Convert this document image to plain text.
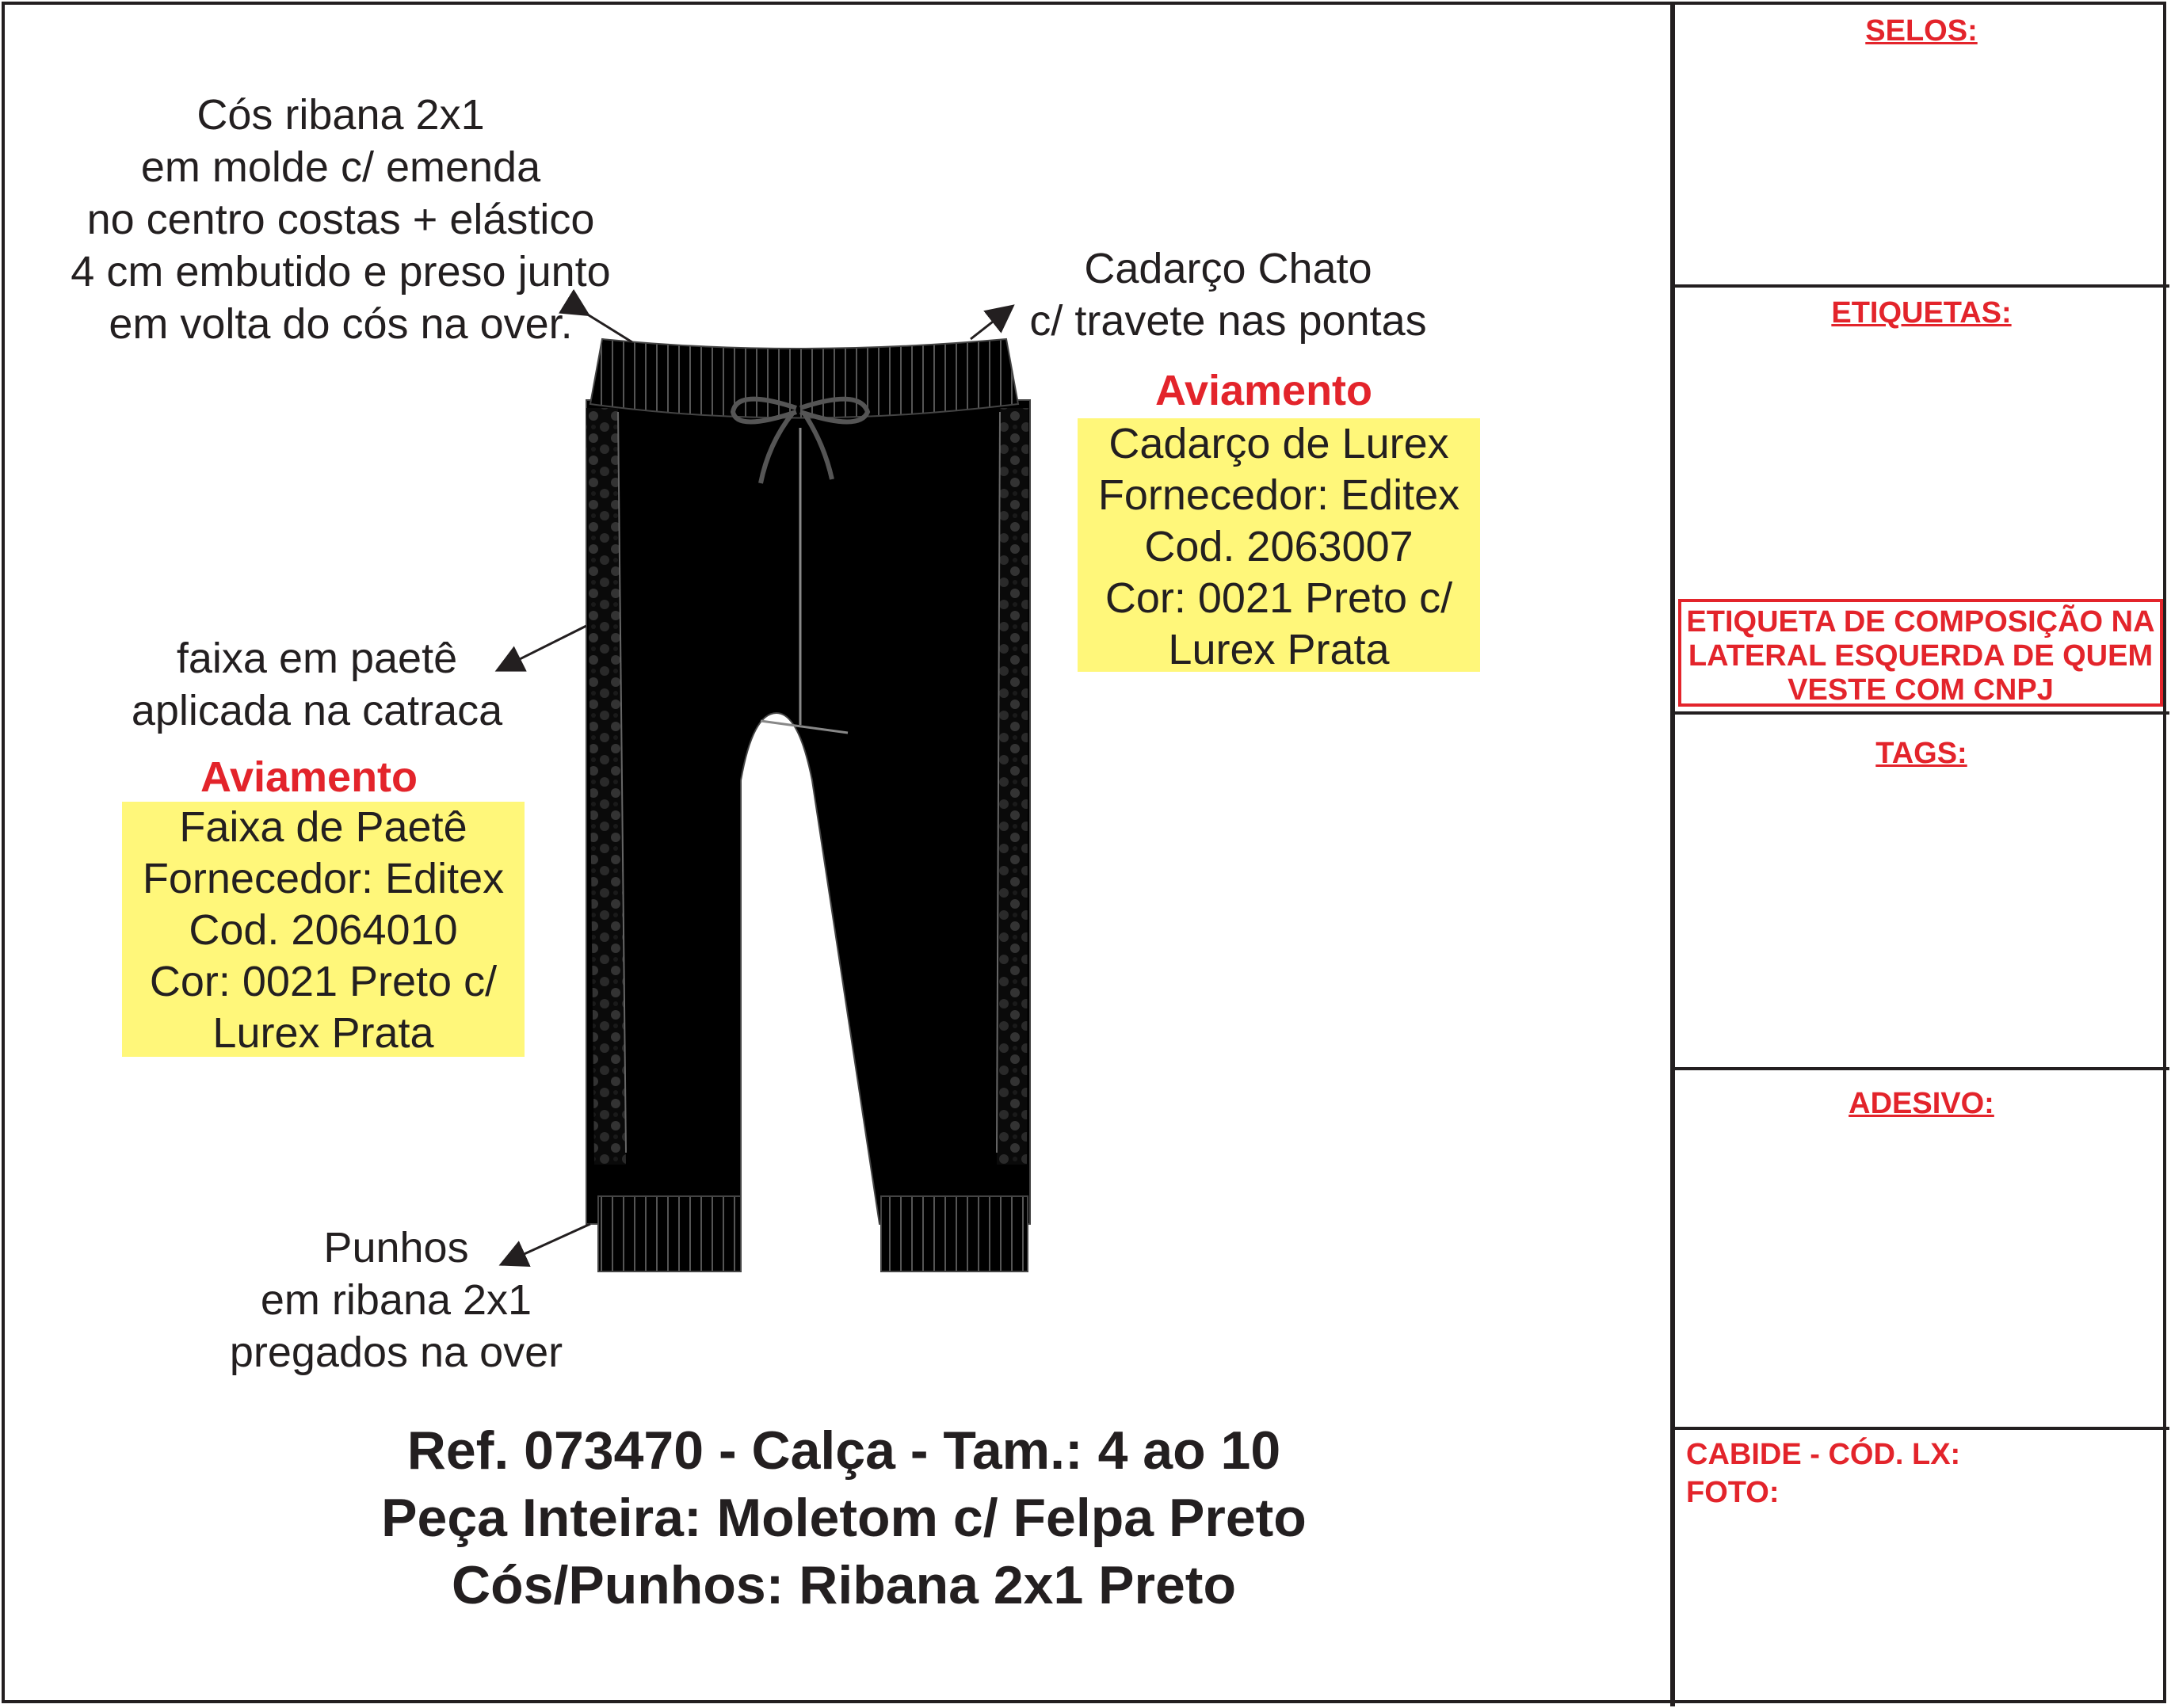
SELOS:
ETIQUETAS:
ETIQUETA DE COMPOSIÇÃO NA
LATERAL ESQUERDA DE QUEM
VESTE COM CNPJ
TAGS:
ADESIVO:
CABIDE - CÓD. LX:
FOTO:
Cós ribana 2x1
em molde c/ emenda
no centro costas + elástico
4 cm embutido e preso junto
em volta do cós na over.
Cadarço Chato
c/ travete nas pontas
Aviamento
Cadarço de Lurex
Fornecedor: Editex
Cod. 2063007
Cor: 0021 Preto c/
Lurex Prata
faixa em paetê
aplicada na catraca
Aviamento
Faixa de Paetê
Fornecedor: Editex
Cod. 2064010
Cor: 0021 Preto c/
Lurex Prata
Punhos
em ribana 2x1
pregados na over
Ref. 073470 - Calça - Tam.: 4 ao 10
Peça Inteira: Moletom c/ Felpa Preto
Cós/Punhos: Ribana 2x1 Preto
